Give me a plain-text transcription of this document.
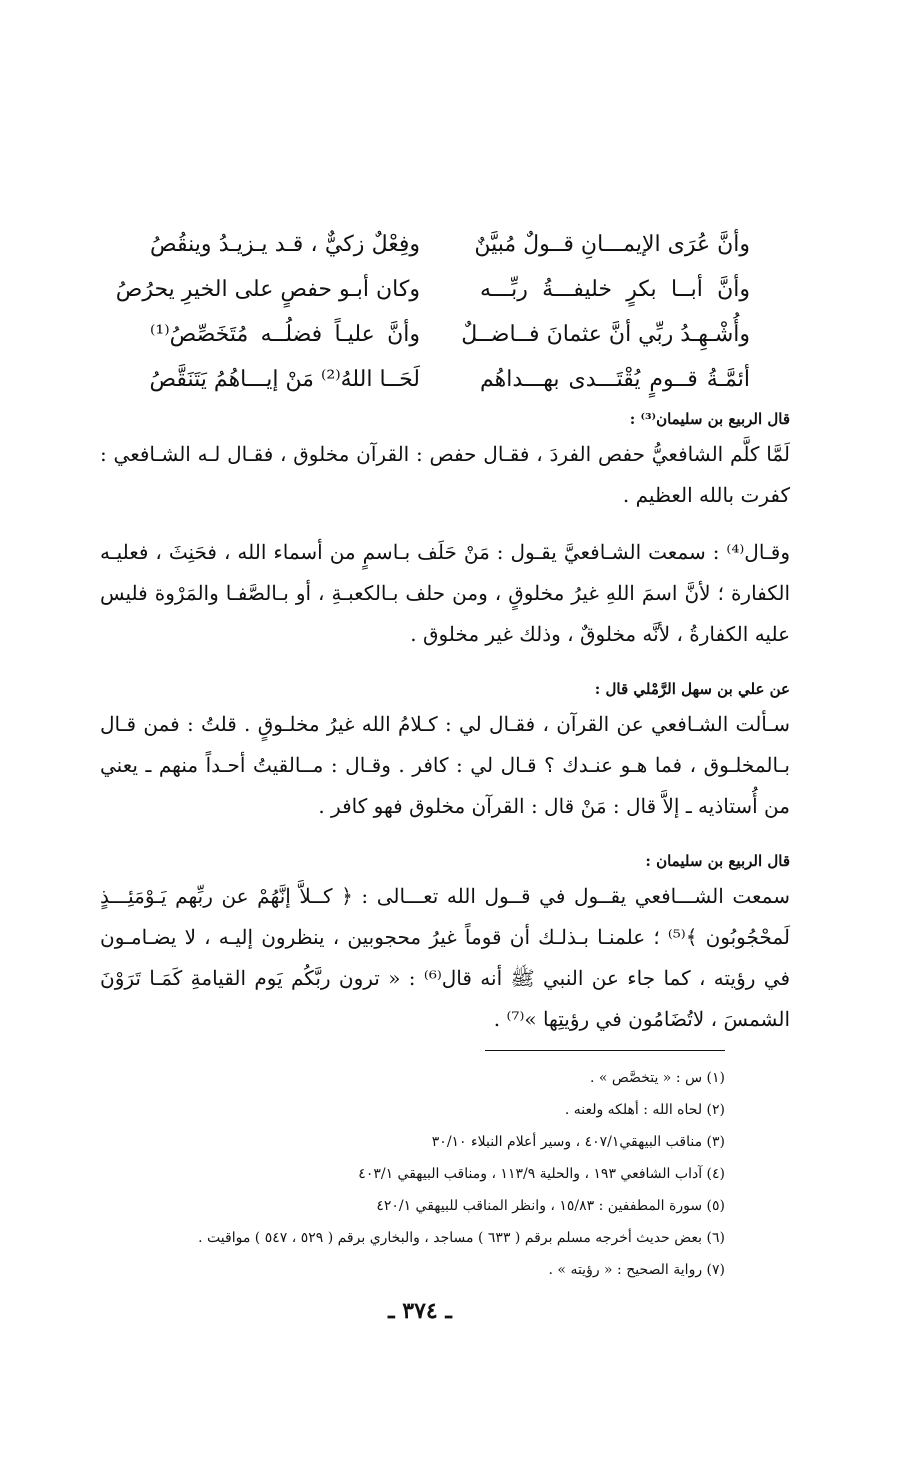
وأنَّ عُرَى الإيمـــانِ قــولٌ مُبيَّنٌ
وفِعْلٌ زكيٌّ ، قـد يـزيـدُ وينقُصُ
وأنَّ أبــا بكرٍ خليفـــةُ ربِّـــه
وكان أبـو حفصٍ على الخيرِ يحرُصُ
وأُشْـهِـدُ ربِّي أنَّ عثمانَ فــاضــلٌ
وأنَّ عليـاً فضلُــه مُتَخَصِّصُ⁽¹⁾
أئمَّـةُ قــومٍ يُقْتَـــدى بهـــداهُم
لَحَــا اللهُ⁽²⁾ مَنْ إيـــاهُمُ يَتَنَقَّصُ
قال الربيع بن سليمان⁽³⁾ :
لَمَّا كلَّم الشافعيُّ حفص الفردَ ، فقـال حفص : القرآن مخلوق ، فقـال لـه الشـافعي : كفرت بالله العظيم .
وقـال⁽⁴⁾ : سمعت الشـافعيَّ يقـول : مَنْ حَلَف بـاسمٍ من أسماء الله ، فحَنِثَ ، فعليـه الكفارة ؛ لأنَّ اسمَ اللهِ غيرُ مخلوقٍ ، ومن حلف بـالكعبـةِ ، أو بـالصَّفـا والمَرْوة فليس عليه الكفارةُ ، لأنَّه مخلوقٌ ، وذلك غير مخلوق .
عن علي بن سهل الرَّمْلي قال :
سـألت الشـافعي عن القرآن ، فقـال لي : كـلامُ الله غيرُ مخلـوقٍ . قلتُ : فمن قـال بـالمخلـوق ، فما هـو عنـدك ؟ قـال لي : كافر . وقـال : مــالقيتُ أحـداً منهم ـ يعني من أُستاذيه ـ إلاَّ قال : مَنْ قال : القرآن مخلوق فهو كافر .
قال الربيع بن سليمان :
سمعت الشـــافعي يقــول في قــول الله تعـــالى : ﴿ كــلاَّ إنَّهُمْ عن ربِّهم يَـوْمَئِـــذٍ لَمحْجُوبُون ﴾⁽⁵⁾ ؛ علمنـا بـذلـك أن قوماً غيرُ محجوبين ، ينظرون إليـه ، لا يضـامـون في رؤيته ، كما جاء عن النبي ﷺ أنه قال⁽⁶⁾ : « ترون ربَّكُم يَوم القيامةِ كَمَـا تَرَوْنَ الشمسَ ، لاتُضَامُون في رؤيتِها »⁽⁷⁾ .
(١) س : « يتخصَّص » .
(٢) لحاه الله : أهلكه ولعنه .
(٣) مناقب البيهقي٤٠٧/١ ، وسير أعلام النبلاء ٣٠/١٠
(٤) آداب الشافعي ١٩٣ ، والحلية ١١٣/٩ ، ومناقب البيهقي ٤٠٣/١
(٥) سورة المطففين : ١٥/٨٣ ، وانظر المناقب للبيهقي ٤٢٠/١
(٦) بعض حديث أخرجه مسلم برقم ( ٦٣٣ ) مساجد ، والبخاري برقم ( ٥٢٩ ، ٥٤٧ ) مواقيت .
(٧) رواية الصحيح : « رؤيته » .
ـ ٣٧٤ ـ
